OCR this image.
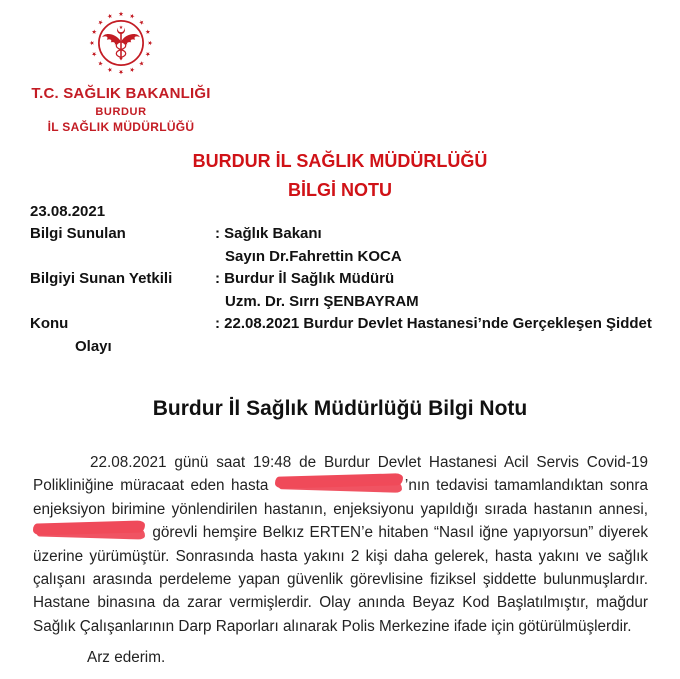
T.C. SAĞLIK BAKANLIĞI
BURDUR
İL SAĞLIK MÜDÜRLÜĞÜ
BURDUR İL SAĞLIK MÜDÜRLÜĞÜ
BİLGİ NOTU
23.08.2021
Bilgi Sunulan	: Sağlık Bakanı
Sayın Dr.Fahrettin KOCA
Bilgiyi Sunan Yetkili	: Burdur İl Sağlık Müdürü
Uzm. Dr. Sırrı ŞENBAYRAM
Konu	: 22.08.2021 Burdur Devlet Hastanesi’nde Gerçekleşen Şiddet
Olayı
Burdur İl Sağlık Müdürlüğü Bilgi Notu
22.08.2021 günü saat 19:48 de Burdur Devlet Hastanesi Acil Servis Covid-19 Polikliniğine müracaat eden hasta	’nın tedavisi tamamlandıktan sonra enjeksiyon birimine yönlendirilen hastanın, enjeksiyonu yapıldığı sırada hastanın annesi,  görevli hemşire Belkız ERTEN’e hitaben “Nasıl iğne yapıyorsun” diyerek üzerine yürümüştür. Sonrasında hasta yakını 2 kişi daha gelerek, hasta yakını ve sağlık çalışanı arasında perdeleme yapan güvenlik görevlisine fiziksel şiddette bulunmuşlardır. Hastane binasına da zarar vermişlerdir. Olay anında Beyaz Kod Başlatılmıştır, mağdur Sağlık Çalışanlarının Darp Raporları alınarak Polis Merkezine ifade için götürülmüşlerdir.
Arz ederim.
